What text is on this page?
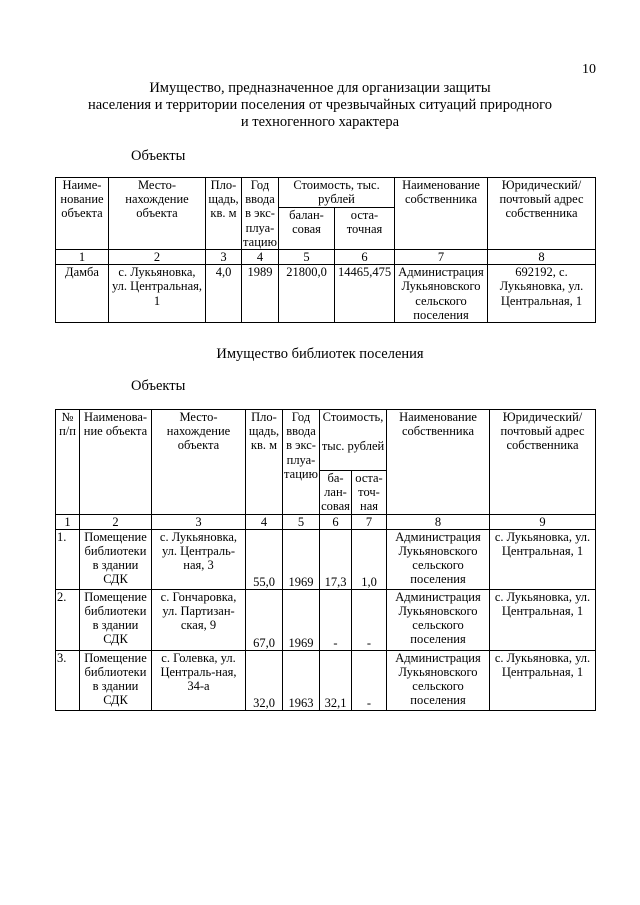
10
Имущество, предназначенное для организации защиты
населения и территории поселения от чрезвычайных ситуаций природного
и техногенного характера
Объекты
Наиме-нование объекта	Место-нахождение объекта	Пло-щадь, кв. м	Год ввода в экс-плуа-тацию	Стоимость, тыс. рублей		Наименование собственника	Юридический/ почтовый адрес собственника
				балан-совая	оста-точная		
1	2	3	4	5	6	7	8
Дамба	с. Лукьяновка, ул. Центральная, 1	4,0	1989	21800,0	14465,475	Администрация Лукьяновского сельского поселения	692192, с. Лукьяновка, ул. Центральная, 1
Имущество библиотек поселения
Объекты
№ п/п	Наименова-ние объекта	Место-нахождение объекта	Пло-щадь, кв. м	Год ввода в экс-плуа-тацию	Стоимость,
тыс. рублей		Наименование собственника	Юридический/ почтовый адрес собственника

					ба-лан-совая	оста-точ-ная		
1	2	3	4	5	6	7	8	9
1.	Помещение библиотеки в здании СДК	с. Лукьяновка, ул. Централь-ная, 3	55,0	1969	17,3	1,0	Администрация Лукьяновского сельского поселения	с. Лукьяновка, ул. Центральная, 1
2.	Помещение библиотеки в здании СДК	с. Гончаровка, ул. Партизан-ская, 9	67,0	1969	-	-	Администрация Лукьяновского сельского поселения	с. Лукьяновка, ул. Центральная, 1
3.	Помещение библиотеки в здании СДК	с. Голевка, ул. Централь-ная, 34-а	32,0	1963	32,1	-	Администрация Лукьяновского сельского поселения	с. Лукьяновка, ул. Центральная, 1
